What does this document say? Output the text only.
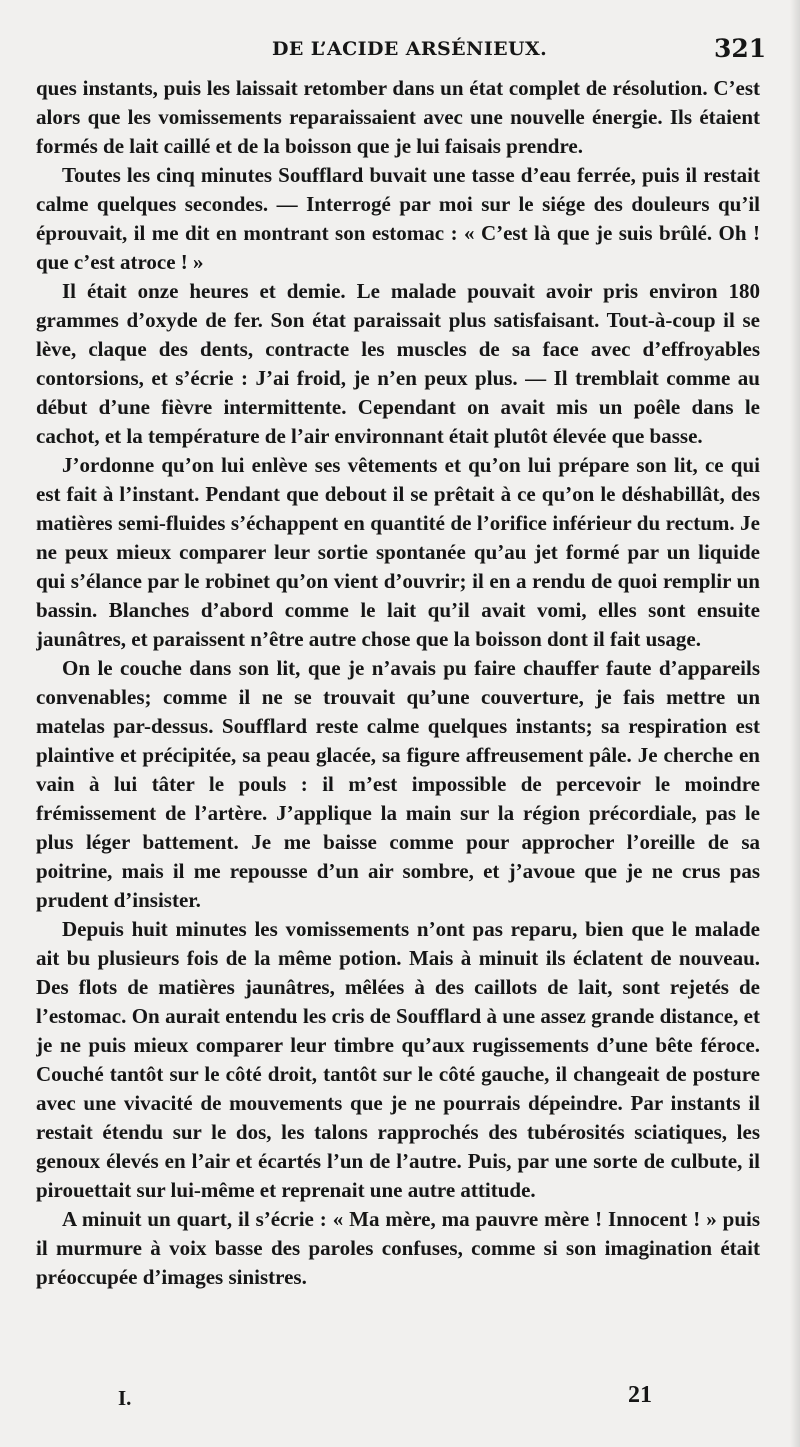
DE L’ACIDE ARSÉNIEUX.	321

ques instants, puis les laissait retomber dans un état complet de résolution. C’est alors que les vomissements reparaissaient avec une nouvelle énergie. Ils étaient formés de lait caillé et de la boisson que je lui faisais prendre.

Toutes les cinq minutes Soufflard buvait une tasse d’eau ferrée, puis il restait calme quelques secondes. — Interrogé par moi sur le siége des douleurs qu’il éprouvait, il me dit en montrant son estomac : « C’est là que je suis brûlé. Oh ! que c’est atroce ! »

Il était onze heures et demie. Le malade pouvait avoir pris environ 180 grammes d’oxyde de fer. Son état paraissait plus satisfaisant. Tout-à-coup il se lève, claque des dents, contracte les muscles de sa face avec d’effroyables contorsions, et s’écrie : J’ai froid, je n’en peux plus. — Il tremblait comme au début d’une fièvre intermittente. Cependant on avait mis un poêle dans le cachot, et la température de l’air environnant était plutôt élevée que basse.

J’ordonne qu’on lui enlève ses vêtements et qu’on lui prépare son lit, ce qui est fait à l’instant. Pendant que debout il se prêtait à ce qu’on le déshabillât, des matières semi-fluides s’échappent en quantité de l’orifice inférieur du rectum. Je ne peux mieux comparer leur sortie spontanée qu’au jet formé par un liquide qui s’élance par le robinet qu’on vient d’ouvrir; il en a rendu de quoi remplir un bassin. Blanches d’abord comme le lait qu’il avait vomi, elles sont ensuite jaunâtres, et paraissent n’être autre chose que la boisson dont il fait usage.

On le couche dans son lit, que je n’avais pu faire chauffer faute d’appareils convenables; comme il ne se trouvait qu’une couverture, je fais mettre un matelas par-dessus. Soufflard reste calme quelques instants; sa respiration est plaintive et précipitée, sa peau glacée, sa figure affreusement pâle. Je cherche en vain à lui tâter le pouls : il m’est impossible de percevoir le moindre frémissement de l’artère. J’applique la main sur la région précordiale, pas le plus léger battement. Je me baisse comme pour approcher l’oreille de sa poitrine, mais il me repousse d’un air sombre, et j’avoue que je ne crus pas prudent d’insister.

Depuis huit minutes les vomissements n’ont pas reparu, bien que le malade ait bu plusieurs fois de la même potion. Mais à minuit ils éclatent de nouveau. Des flots de matières jaunâtres, mêlées à des caillots de lait, sont rejetés de l’estomac. On aurait entendu les cris de Soufflard à une assez grande distance, et je ne puis mieux comparer leur timbre qu’aux rugissements d’une bête féroce. Couché tantôt sur le côté droit, tantôt sur le côté gauche, il changeait de posture avec une vivacité de mouvements que je ne pourrais dépeindre. Par instants il restait étendu sur le dos, les talons rapprochés des tubérosités sciatiques, les genoux élevés en l’air et écartés l’un de l’autre. Puis, par une sorte de culbute, il pirouettait sur lui-même et reprenait une autre attitude.

A minuit un quart, il s’écrie : « Ma mère, ma pauvre mère ! Innocent ! » puis il murmure à voix basse des paroles confuses, comme si son imagination était préoccupée d’images sinistres.

I.	21
